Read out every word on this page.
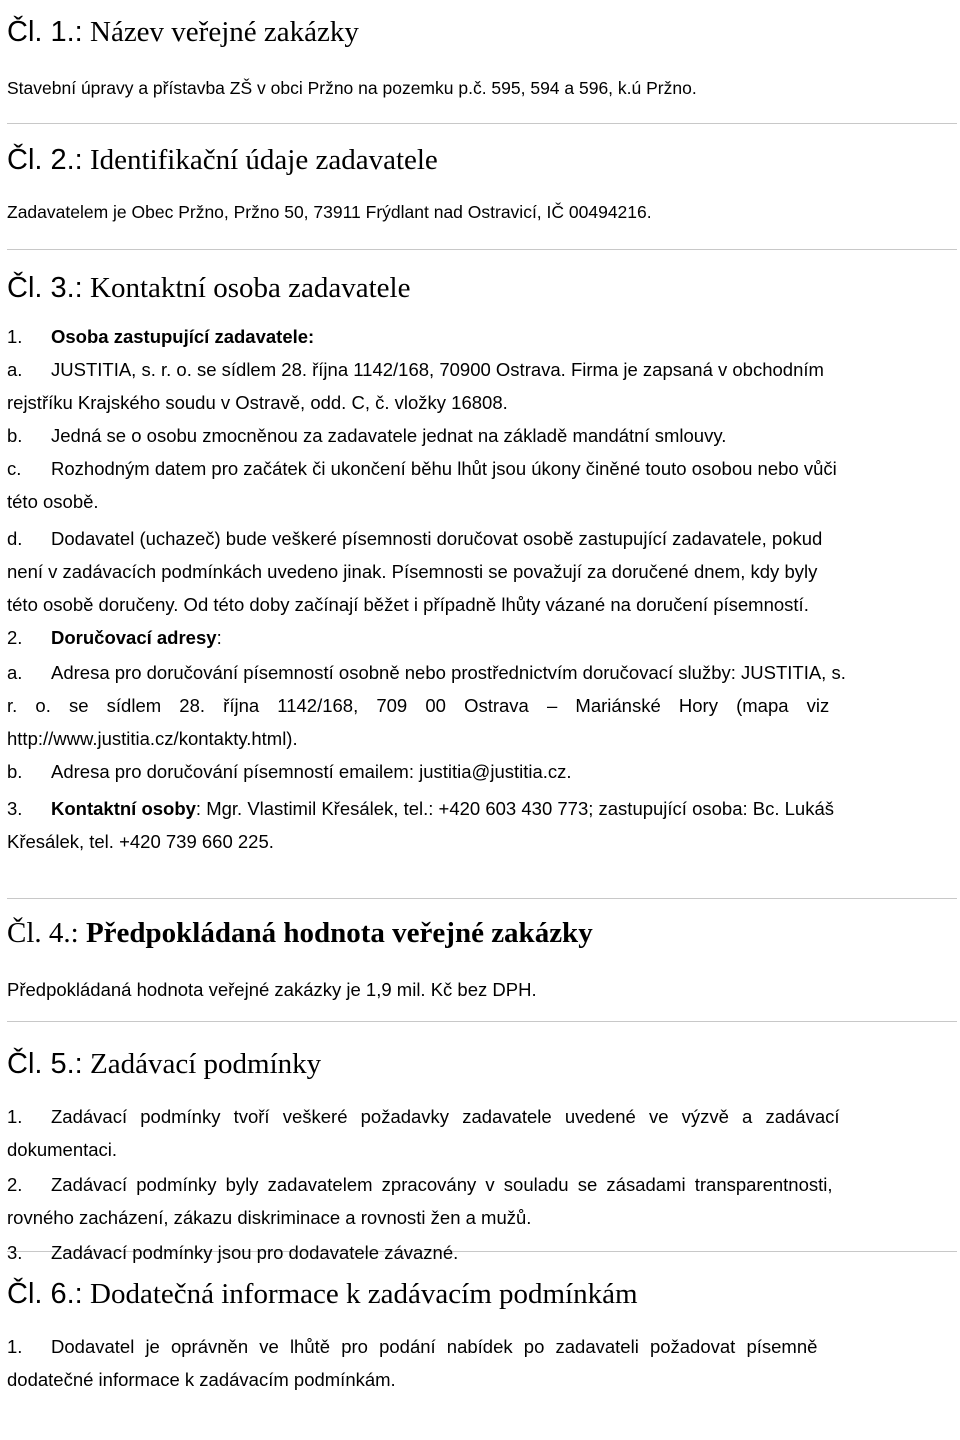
Čl. 1.: Název veřejné zakázky

Stavební úpravy a přístavba ZŠ v obci Pržno na pozemku p.č. 595, 594 a 596, k.ú Pržno.

Čl. 2.: Identifikační údaje zadavatele

Zadavatelem je Obec Pržno, Pržno 50, 73911 Frýdlant nad Ostravicí, IČ 00494216.

Čl. 3.: Kontaktní osoba zadavatele

1. Osoba zastupující zadavatele:

a. JUSTITIA, s. r. o. se sídlem 28. října 1142/168, 70900 Ostrava. Firma je zapsaná v obchodním

rejstříku Krajského soudu v Ostravě, odd. C, č. vložky 16808.

b. Jedná se o osobu zmocněnou za zadavatele jednat na základě mandátní smlouvy.

c. Rozhodným datem pro začátek či ukončení běhu lhůt jsou úkony činěné touto osobou nebo vůči

této osobě.

d. Dodavatel (uchazeč) bude veškeré písemnosti doručovat osobě zastupující zadavatele, pokud

není v zadávacích podmínkách uvedeno jinak. Písemnosti se považují za doručené dnem, kdy byly

této osobě doručeny. Od této doby začínají běžet i případně lhůty vázané na doručení písemností.

2. Doručovací adresy:

a. Adresa pro doručování písemností osobně nebo prostřednictvím doručovací služby: JUSTITIA, s.

r. o. se sídlem 28. října 1142/168, 709 00 Ostrava – Mariánské Hory (mapa viz

http://www.justitia.cz/kontakty.html).

b. Adresa pro doručování písemností emailem: justitia@justitia.cz.

3. Kontaktní osoby: Mgr. Vlastimil Křesálek, tel.: +420 603 430 773; zastupující osoba: Bc. Lukáš

Křesálek, tel. +420 739 660 225.

Čl. 4.: Předpokládaná hodnota veřejné zakázky

Předpokládaná hodnota veřejné zakázky je 1,9 mil. Kč bez DPH.

Čl. 5.: Zadávací podmínky

1. Zadávací podmínky tvoří veškeré požadavky zadavatele uvedené ve výzvě a zadávací

dokumentaci.

2. Zadávací podmínky byly zadavatelem zpracovány v souladu se zásadami transparentnosti,

rovného zacházení, zákazu diskriminace a rovnosti žen a mužů.

3. Zadávací podmínky jsou pro dodavatele závazné.

Čl. 6.: Dodatečná informace k zadávacím podmínkám

1. Dodavatel je oprávněn ve lhůtě pro podání nabídek po zadavateli požadovat písemně

dodatečné informace k zadávacím podmínkám.
